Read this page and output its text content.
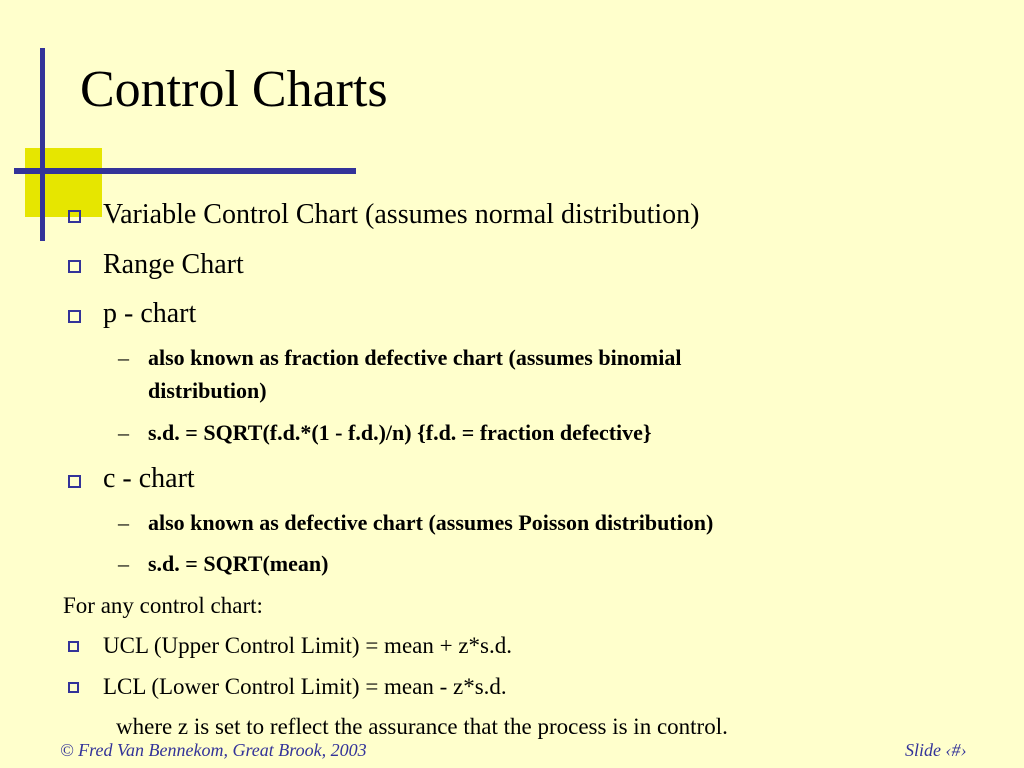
Control Charts
Variable Control Chart (assumes normal distribution)
Range Chart
p - chart
– also known as fraction defective chart (assumes binomial
distribution)
– s.d. = SQRT(f.d.*(1 - f.d.)/n) {f.d. = fraction defective}
c - chart
– also known as defective chart (assumes Poisson distribution)
– s.d. = SQRT(mean)
For any control chart:
UCL (Upper Control Limit) = mean + z*s.d.
LCL (Lower Control Limit) = mean - z*s.d.
where z is set to reflect the assurance that the process is in control.
© Fred Van Bennekom, Great Brook, 2003	Slide ‹#›
